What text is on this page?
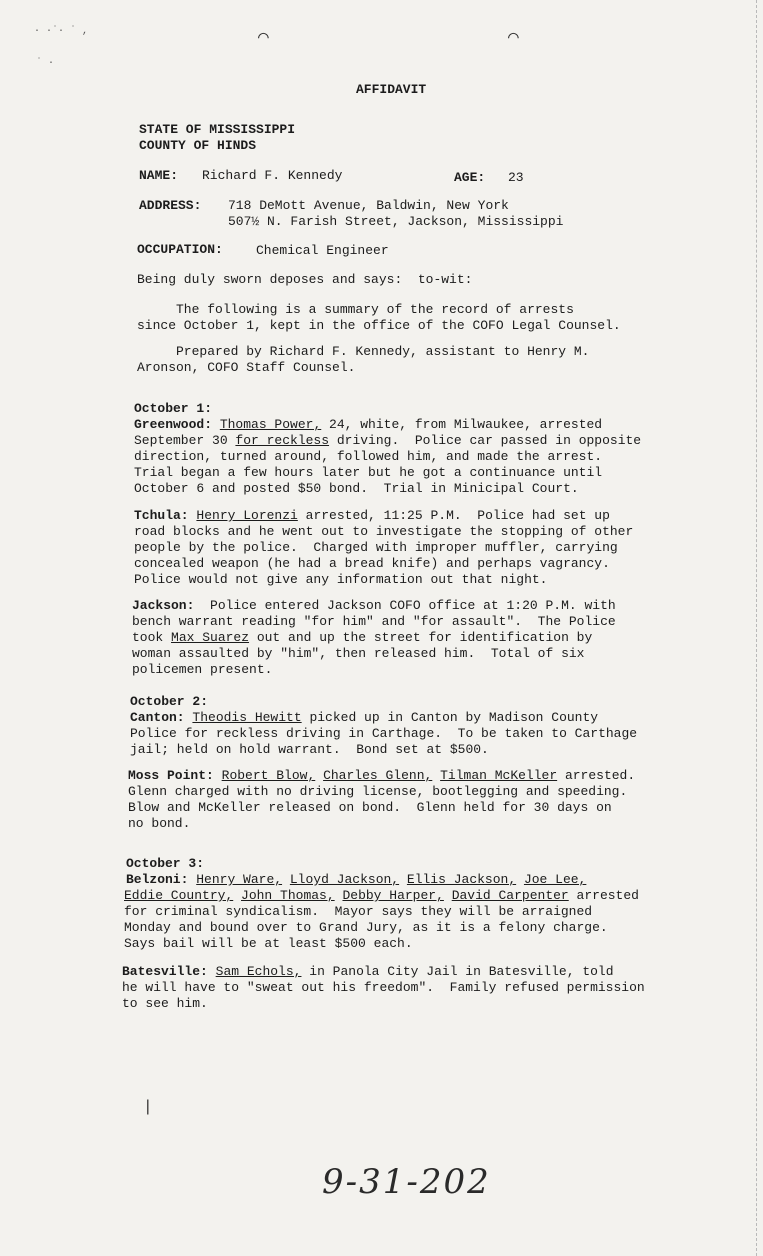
· ·˙· ˙ ,
˙ ·
⌒	⌒
|
AFFIDAVIT
STATE OF MISSISSIPPI
COUNTY OF HINDS
NAME: Richard F. Kennedy	AGE: 23
ADDRESS: 718 DeMott Avenue, Baldwin, New York
507½ N. Farish Street, Jackson, Mississippi
OCCUPATION:	Chemical Engineer
Being duly sworn deposes and says:  to-wit:
The following is a summary of the record of arrests
since October 1, kept in the office of the COFO Legal Counsel.
Prepared by Richard F. Kennedy, assistant to Henry M.
Aronson, COFO Staff Counsel.
October 1:
Greenwood: Thomas Power, 24, white, from Milwaukee, arrested
September 30 for reckless driving.  Police car passed in opposite
direction, turned around, followed him, and made the arrest.
Trial began a few hours later but he got a continuance until
October 6 and posted $50 bond.  Trial in Minicipal Court.
Tchula: Henry Lorenzi arrested, 11:25 P.M.  Police had set up
road blocks and he went out to investigate the stopping of other
people by the police.  Charged with improper muffler, carrying
concealed weapon (he had a bread knife) and perhaps vagrancy.
Police would not give any information out that night.
Jackson:  Police entered Jackson COFO office at 1:20 P.M. with
bench warrant reading "for him" and "for assault".  The Police
took Max Suarez out and up the street for identification by
woman assaulted by "him", then released him.  Total of six
policemen present.
October 2:
Canton: Theodis Hewitt picked up in Canton by Madison County
Police for reckless driving in Carthage.  To be taken to Carthage
jail; held on hold warrant.  Bond set at $500.
Moss Point: Robert Blow, Charles Glenn, Tilman McKeller arrested.
Glenn charged with no driving license, bootlegging and speeding.
Blow and McKeller released on bond.  Glenn held for 30 days on
no bond.
October 3:
Belzoni: Henry Ware, Lloyd Jackson, Ellis Jackson, Joe Lee,
Eddie Country, John Thomas, Debby Harper, David Carpenter arrested
for criminal syndicalism.  Mayor says they will be arraigned
Monday and bound over to Grand Jury, as it is a felony charge.
Says bail will be at least $500 each.
Batesville: Sam Echols, in Panola City Jail in Batesville, told
he will have to "sweat out his freedom".  Family refused permission
to see him.
9-31-202
